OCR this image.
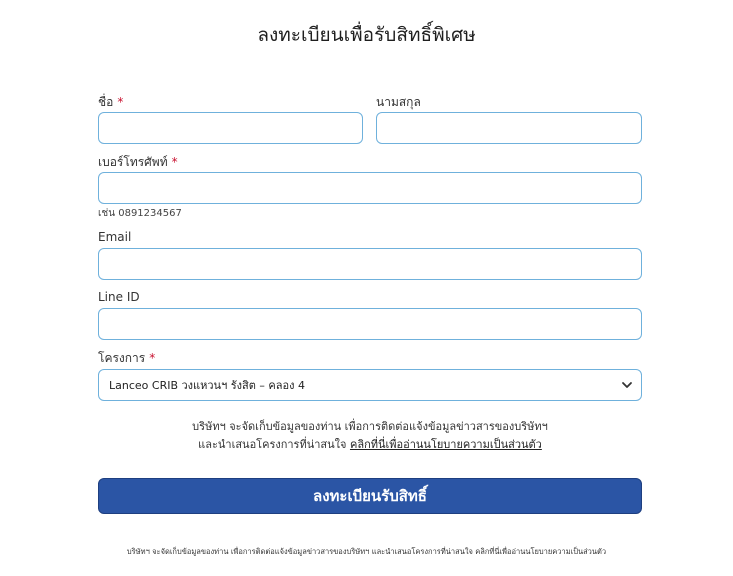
ลงทะเบียนเพื่อรับสิทธิ์พิเศษ
ชื่อ *	นามสกุล
เบอร์โทรศัพท์ *
เช่น 0891234567
Email
Line ID
โครงการ *
Lanceo CRIB วงแหวนฯ รังสิต – คลอง 4
บริษัทฯ จะจัดเก็บข้อมูลของท่าน เพื่อการติดต่อแจ้งข้อมูลข่าวสารของบริษัทฯ
และนำเสนอโครงการที่น่าสนใจ คลิกที่นี่เพื่ออ่านนโยบายความเป็นส่วนตัว
ลงทะเบียนรับสิทธิ์
บริษัทฯ จะจัดเก็บข้อมูลของท่าน เพื่อการติดต่อแจ้งข้อมูลข่าวสารของบริษัทฯ และนำเสนอโครงการที่น่าสนใจ คลิกที่นี่เพื่ออ่านนโยบายความเป็นส่วนตัว
